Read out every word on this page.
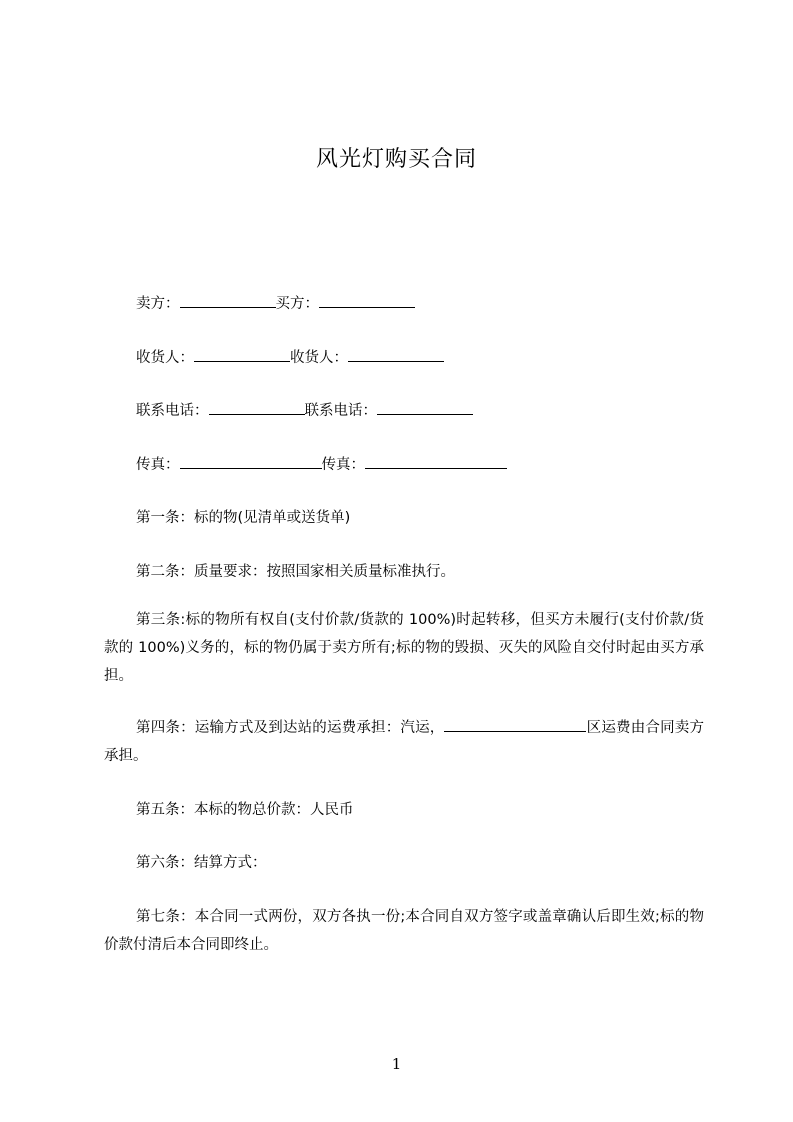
风光灯购买合同
卖方：	买方：
收货人：	收货人：
联系电话：	联系电话：
传真：	传真：
第一条：标的物(见清单或送货单)
第二条：质量要求：按照国家相关质量标准执行。
第三条:标的物所有权自(支付价款/货款的 100%)时起转移，但买方未履行(支付价款/货款的 100%)义务的，标的物仍属于卖方所有;标的物的毁损、灭失的风险自交付时起由买方承担。
第四条：运输方式及到达站的运费承担：汽运，	区运费由合同卖方承担。
第五条：本标的物总价款：人民币
第六条：结算方式：
第七条：本合同一式两份，双方各执一份;本合同自双方签字或盖章确认后即生效;标的物价款付清后本合同即终止。
1
